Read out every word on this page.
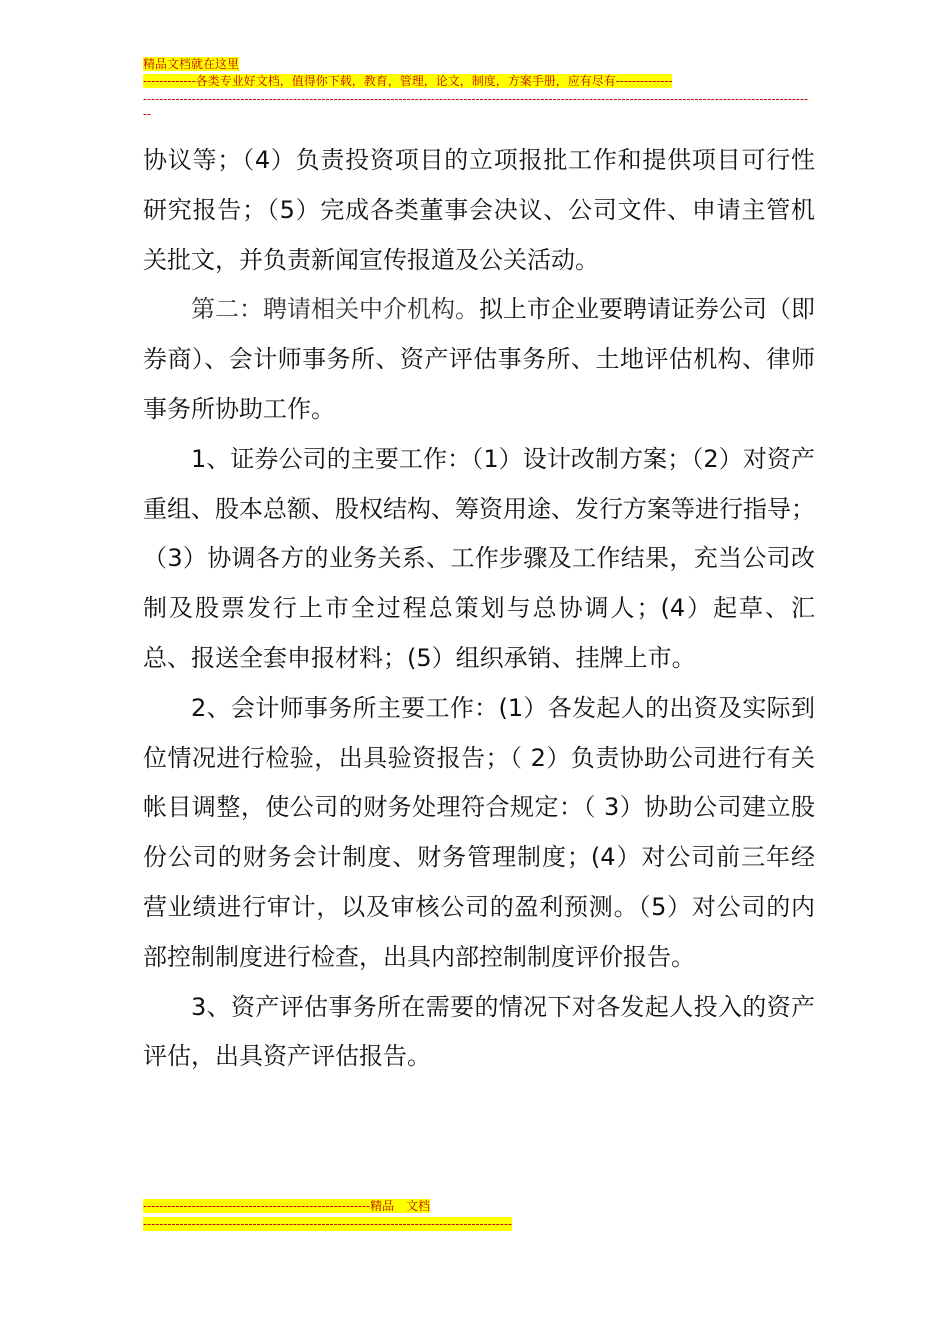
精品文档就在这里
-------------各类专业好文档，值得你下载，教育，管理，论文，制度，方案手册，应有尽有--------------
--------------------------------------------------------------------------------------------------------------------------------------------------------------------
--

协议等；（4）负责投资项目的立项报批工作和提供项目可行性研究报告；（5）完成各类董事会决议、公司文件、申请主管机关批文，并负责新闻宣传报道及公关活动。

第二：聘请相关中介机构。拟上市企业要聘请证券公司（即券商）、会计师事务所、资产评估事务所、土地评估机构、律师事务所协助工作。

1、证券公司的主要工作：（1）设计改制方案；（2）对资产重组、股本总额、股权结构、筹资用途、发行方案等进行指导；（3）协调各方的业务关系、工作步骤及工作结果，充当公司改制及股票发行上市全过程总策划与总协调人；(4）起草、汇总、报送全套申报材料；(5）组织承销、挂牌上市。

2、会计师事务所主要工作：(1）各发起人的出资及实际到位情况进行检验，出具验资报告；（ 2）负责协助公司进行有关帐目调整，使公司的财务处理符合规定：（ 3）协助公司建立股份公司的财务会计制度、财务管理制度；(4）对公司前三年经营业绩进行审计，以及审核公司的盈利预测。（5）对公司的内部控制制度进行检查，出具内部控制制度评价报告。

3、资产评估事务所在需要的情况下对各发起人投入的资产评估，出具资产评估报告。

--------------------------------------------------------精品　文档
-------------------------------------------------------------------------------------------
